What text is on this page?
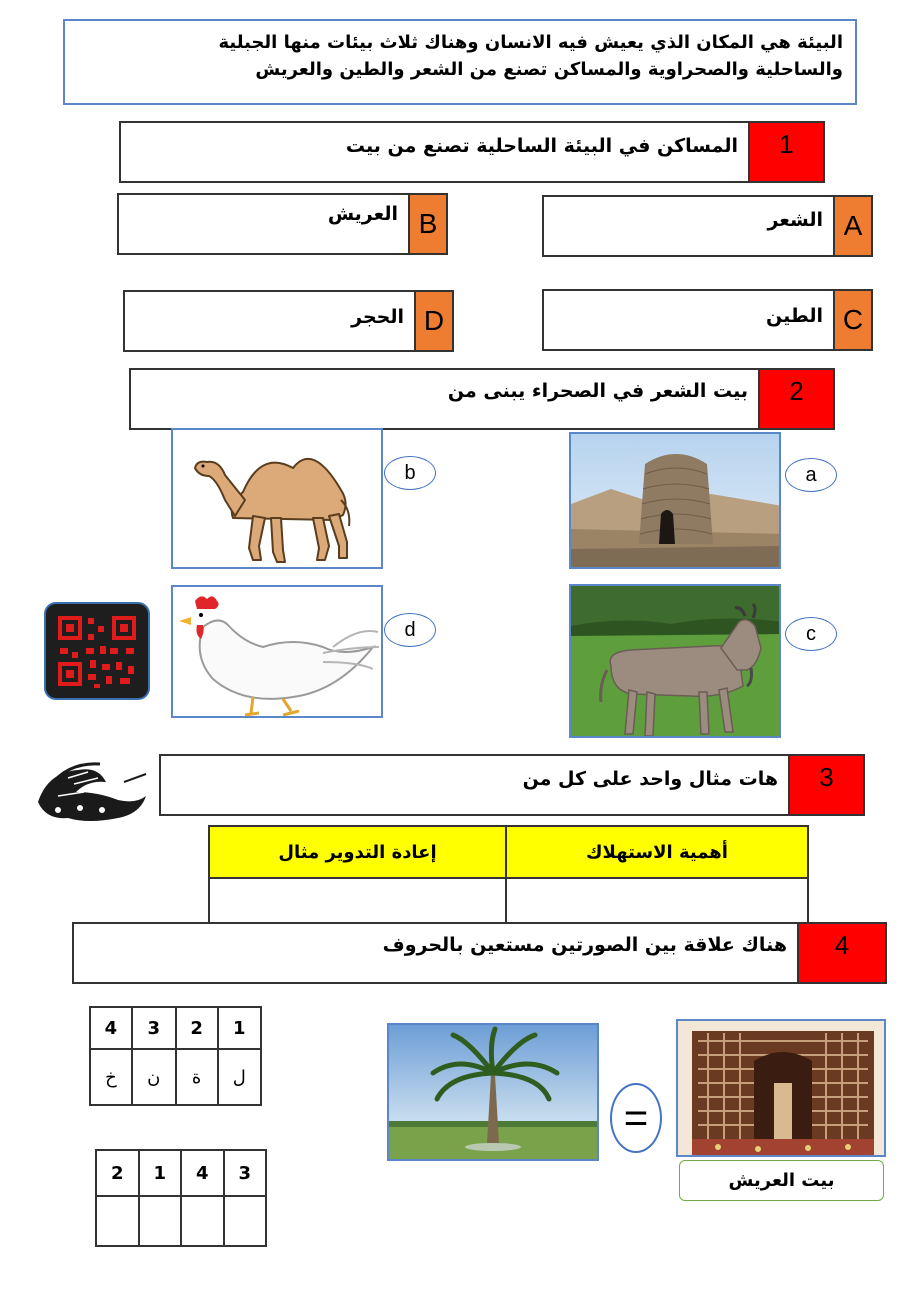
البيئة هي المكان الذي يعيش فيه الانسان وهناك ثلاث بيئات منها الجبلية
والساحلية والصحراوية والمساكن تصنع من الشعر والطين والعريش
المساكن في البيئة الساحلية تصنع من بيت	1
الشعر A
العريش B
الطين C
الحجر D
بيت الشعر في الصحراء يبنى من	2
a
b
d	c
هات مثال واحد على كل من	3
أهمية الاستهلاك	إعادة التدوير مثال

هناك علاقة بين الصورتين مستعين بالحروف	4
4	3	2	1
خ	ن	ة	ل
2	1	4	3

=
بيت العريش
